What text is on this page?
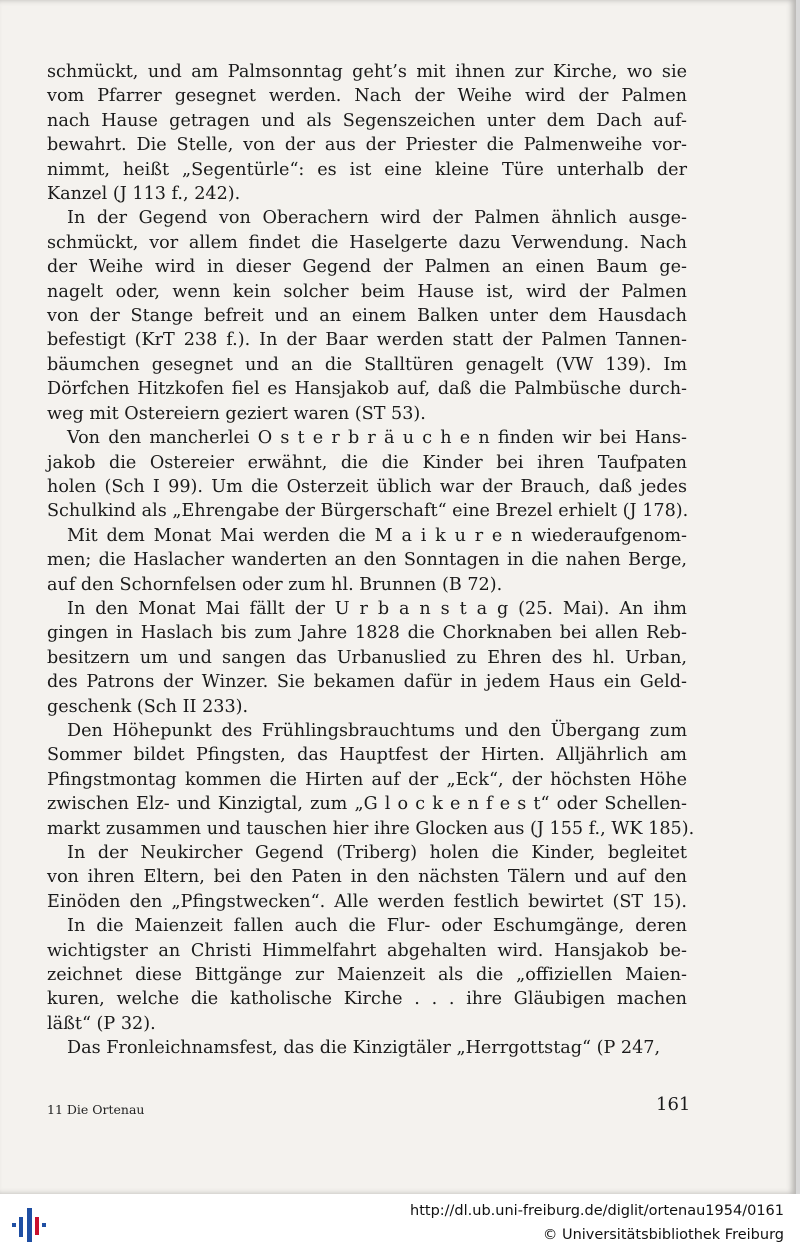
schmückt, und am Palmsonntag geht’s mit ihnen zur Kirche, wo sie
vom Pfarrer gesegnet werden. Nach der Weihe wird der Palmen
nach Hause getragen und als Segenszeichen unter dem Dach auf-
bewahrt. Die Stelle, von der aus der Priester die Palmenweihe vor-
nimmt, heißt „Segentürle“: es ist eine kleine Türe unterhalb der
Kanzel (J 113 f., 242).
In der Gegend von Oberachern wird der Palmen ähnlich ausge-
schmückt, vor allem findet die Haselgerte dazu Verwendung. Nach
der Weihe wird in dieser Gegend der Palmen an einen Baum ge-
nagelt oder, wenn kein solcher beim Hause ist, wird der Palmen
von der Stange befreit und an einem Balken unter dem Hausdach
befestigt (KrT 238 f.). In der Baar werden statt der Palmen Tannen-
bäumchen gesegnet und an die Stalltüren genagelt (VW 139). Im
Dörfchen Hitzkofen fiel es Hansjakob auf, daß die Palmbüsche durch-
weg mit Ostereiern geziert waren (ST 53).
Von den mancherlei O s t e r b r ä u c h e n finden wir bei Hans-
jakob die Ostereier erwähnt, die die Kinder bei ihren Taufpaten
holen (Sch I 99). Um die Osterzeit üblich war der Brauch, daß jedes
Schulkind als „Ehrengabe der Bürgerschaft“ eine Brezel erhielt (J 178).
Mit dem Monat Mai werden die M a i k u r e n wiederaufgenom-
men; die Haslacher wanderten an den Sonntagen in die nahen Berge,
auf den Schornfelsen oder zum hl. Brunnen (B 72).
In den Monat Mai fällt der U r b a n s t a g (25. Mai). An ihm
gingen in Haslach bis zum Jahre 1828 die Chorknaben bei allen Reb-
besitzern um und sangen das Urbanuslied zu Ehren des hl. Urban,
des Patrons der Winzer. Sie bekamen dafür in jedem Haus ein Geld-
geschenk (Sch II 233).
Den Höhepunkt des Frühlingsbrauchtums und den Übergang zum
Sommer bildet Pfingsten, das Hauptfest der Hirten. Alljährlich am
Pfingstmontag kommen die Hirten auf der „Eck“, der höchsten Höhe
zwischen Elz- und Kinzigtal, zum „G l o c k e n f e s t“ oder Schellen-
markt zusammen und tauschen hier ihre Glocken aus (J 155 f., WK 185).
In der Neukircher Gegend (Triberg) holen die Kinder, begleitet
von ihren Eltern, bei den Paten in den nächsten Tälern und auf den
Einöden den „Pfingstwecken“. Alle werden festlich bewirtet (ST 15).
In die Maienzeit fallen auch die Flur- oder Eschumgänge, deren
wichtigster an Christi Himmelfahrt abgehalten wird. Hansjakob be-
zeichnet diese Bittgänge zur Maienzeit als die „offiziellen Maien-
kuren, welche die katholische Kirche . . . ihre Gläubigen machen
läßt“ (P 32).
Das Fronleichnamsfest, das die Kinzigtäler „Herrgottstag“ (P 247,
11 Die Ortenau	161
http://dl.ub.uni-freiburg.de/diglit/ortenau1954/0161
© Universitätsbibliothek Freiburg
